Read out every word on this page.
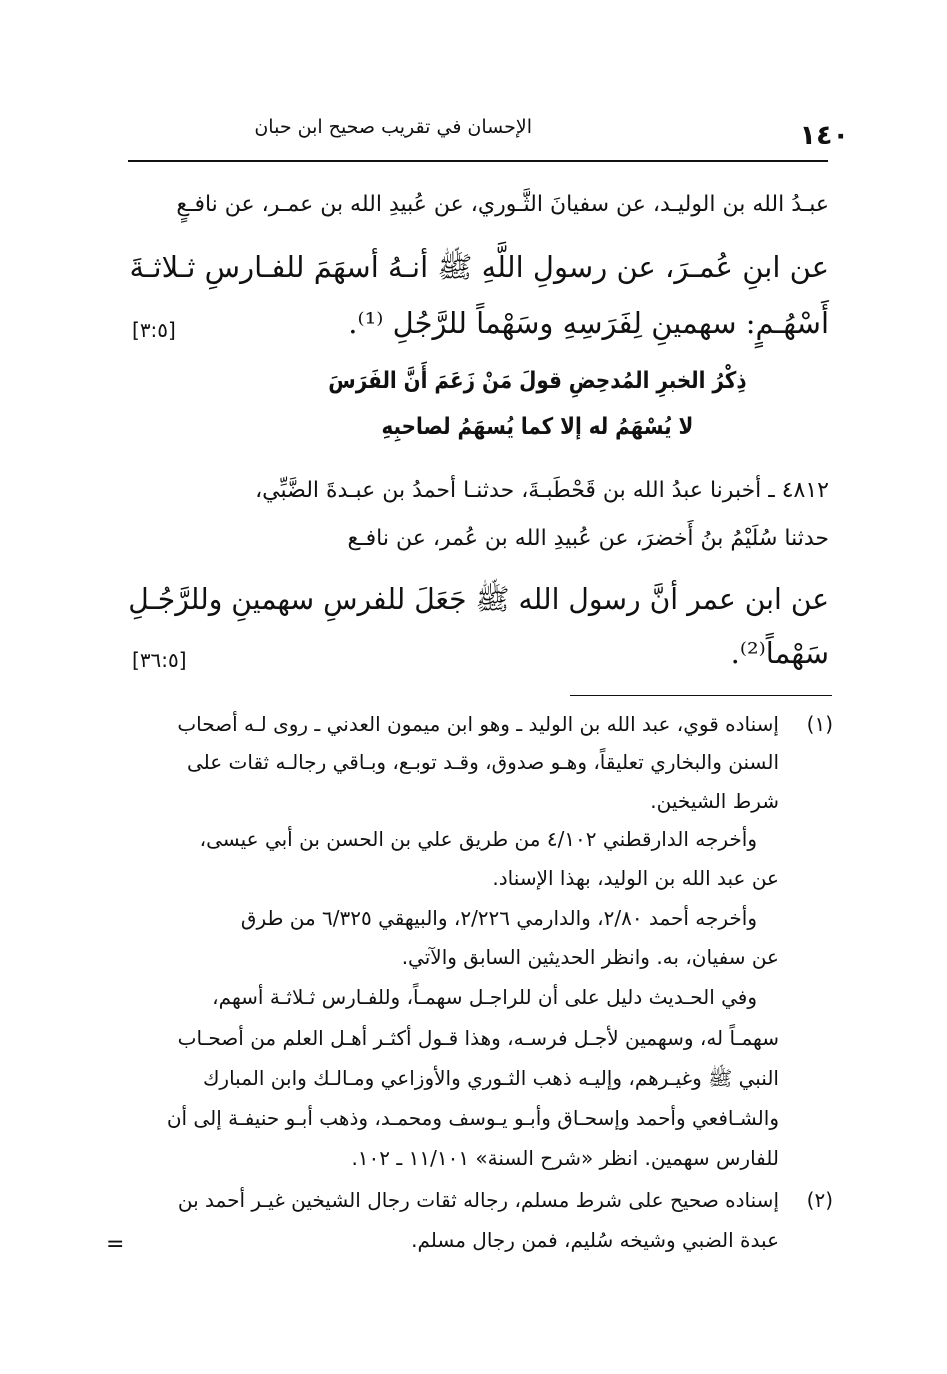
الإحسان في تقريب صحيح ابن حبان	١٤٠
عبـدُ الله بن الوليـد، عن سفيانَ الثَّـوري، عن عُبيدِ الله بن عمـر، عن نافـعٍ
عن ابنِ عُمـرَ، عن رسولِ اللَّهِ ﷺ أنـهُ أسهَمَ للفـارسِ ثـلاثـةَ
أَسْهُـمٍ: سهمينِ لِفَرَسِهِ وسَهْماً للرَّجُلِ ⁽¹⁾.
[٣:٥]
ذِكْرُ الخبرِ المُدحِضِ قولَ مَنْ زَعَمَ أَنَّ الفَرَسَ
لا يُسْهَمُ له إلا كما يُسهَمُ لصاحبِهِ
٤٨١٢ ـ أخبرنا عبدُ الله بن قَحْطَبـةَ، حدثنـا أحمدُ بن عبـدةَ الضَّبِّي،
حدثنا سُلَيْمُ بنُ أَخضرَ، عن عُبيدِ الله بن عُمر، عن نافـع
عن ابن عمر أنَّ رسول الله ﷺ جَعَلَ للفرسِ سهمينِ وللرَّجُـلِ
سَهْماً⁽²⁾.
[٣٦:٥]
(١)
إسناده قوي، عبد الله بن الوليد ـ وهو ابن ميمون العدني ـ روى لـه أصحاب
السنن والبخاري تعليقاً، وهـو صدوق، وقـد توبـع، وبـاقي رجالـه ثقات على
شرط الشيخين.
وأخرجه الدارقطني ٤/١٠٢ من طريق علي بن الحسن بن أبي عيسى،
عن عبد الله بن الوليد، بهذا الإسناد.
وأخرجه أحمد ٢/٨٠، والدارمي ٢/٢٢٦، والبيهقي ٦/٣٢٥ من طرق
عن سفيان، به. وانظر الحديثين السابق والآتي.
وفي الحـديث دليل على أن للراجـل سهمـاً، وللفـارس ثـلاثـة أسهم،
سهمـاً له، وسهمين لأجـل فرسـه، وهذا قـول أكثـر أهـل العلم من أصحـاب
النبي ﷺ وغيـرهم، وإليـه ذهب الثـوري والأوزاعي ومـالـك وابن المبارك
والشـافعي وأحمد وإسحـاق وأبـو يـوسف ومحمـد، وذهب أبـو حنيفـة إلى أن
للفارس سهمين. انظر «شرح السنة» ١١/١٠١ ـ ١٠٢.
(٢)
إسناده صحيح على شرط مسلم، رجاله ثقات رجال الشيخين غيـر أحمد بن
عبدة الضبي وشيخه سُليم، فمن رجال مسلم.
=
